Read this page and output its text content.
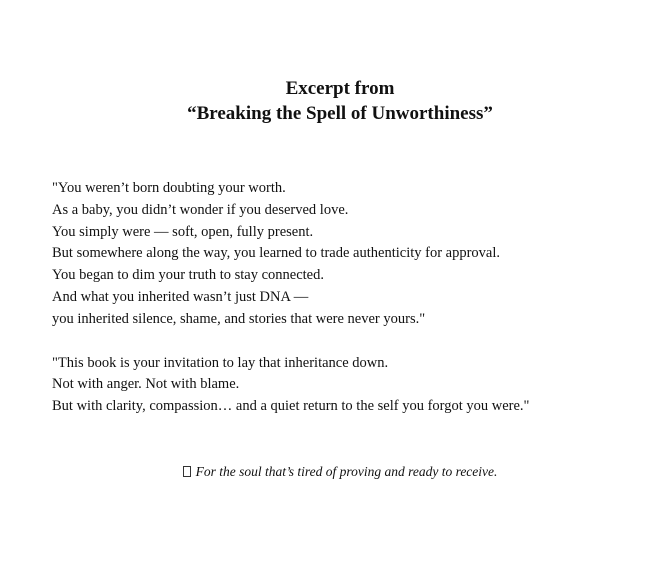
Excerpt from
“Breaking the Spell of Unworthiness”
"You weren’t born doubting your worth.
As a baby, you didn’t wonder if you deserved love.
You simply were — soft, open, fully present.
But somewhere along the way, you learned to trade authenticity for approval.
You began to dim your truth to stay connected.
And what you inherited wasn’t just DNA —
you inherited silence, shame, and stories that were never yours."
"This book is your invitation to lay that inheritance down.
Not with anger. Not with blame.
But with clarity, compassion… and a quiet return to the self you forgot you were."
For the soul that’s tired of proving and ready to receive.
